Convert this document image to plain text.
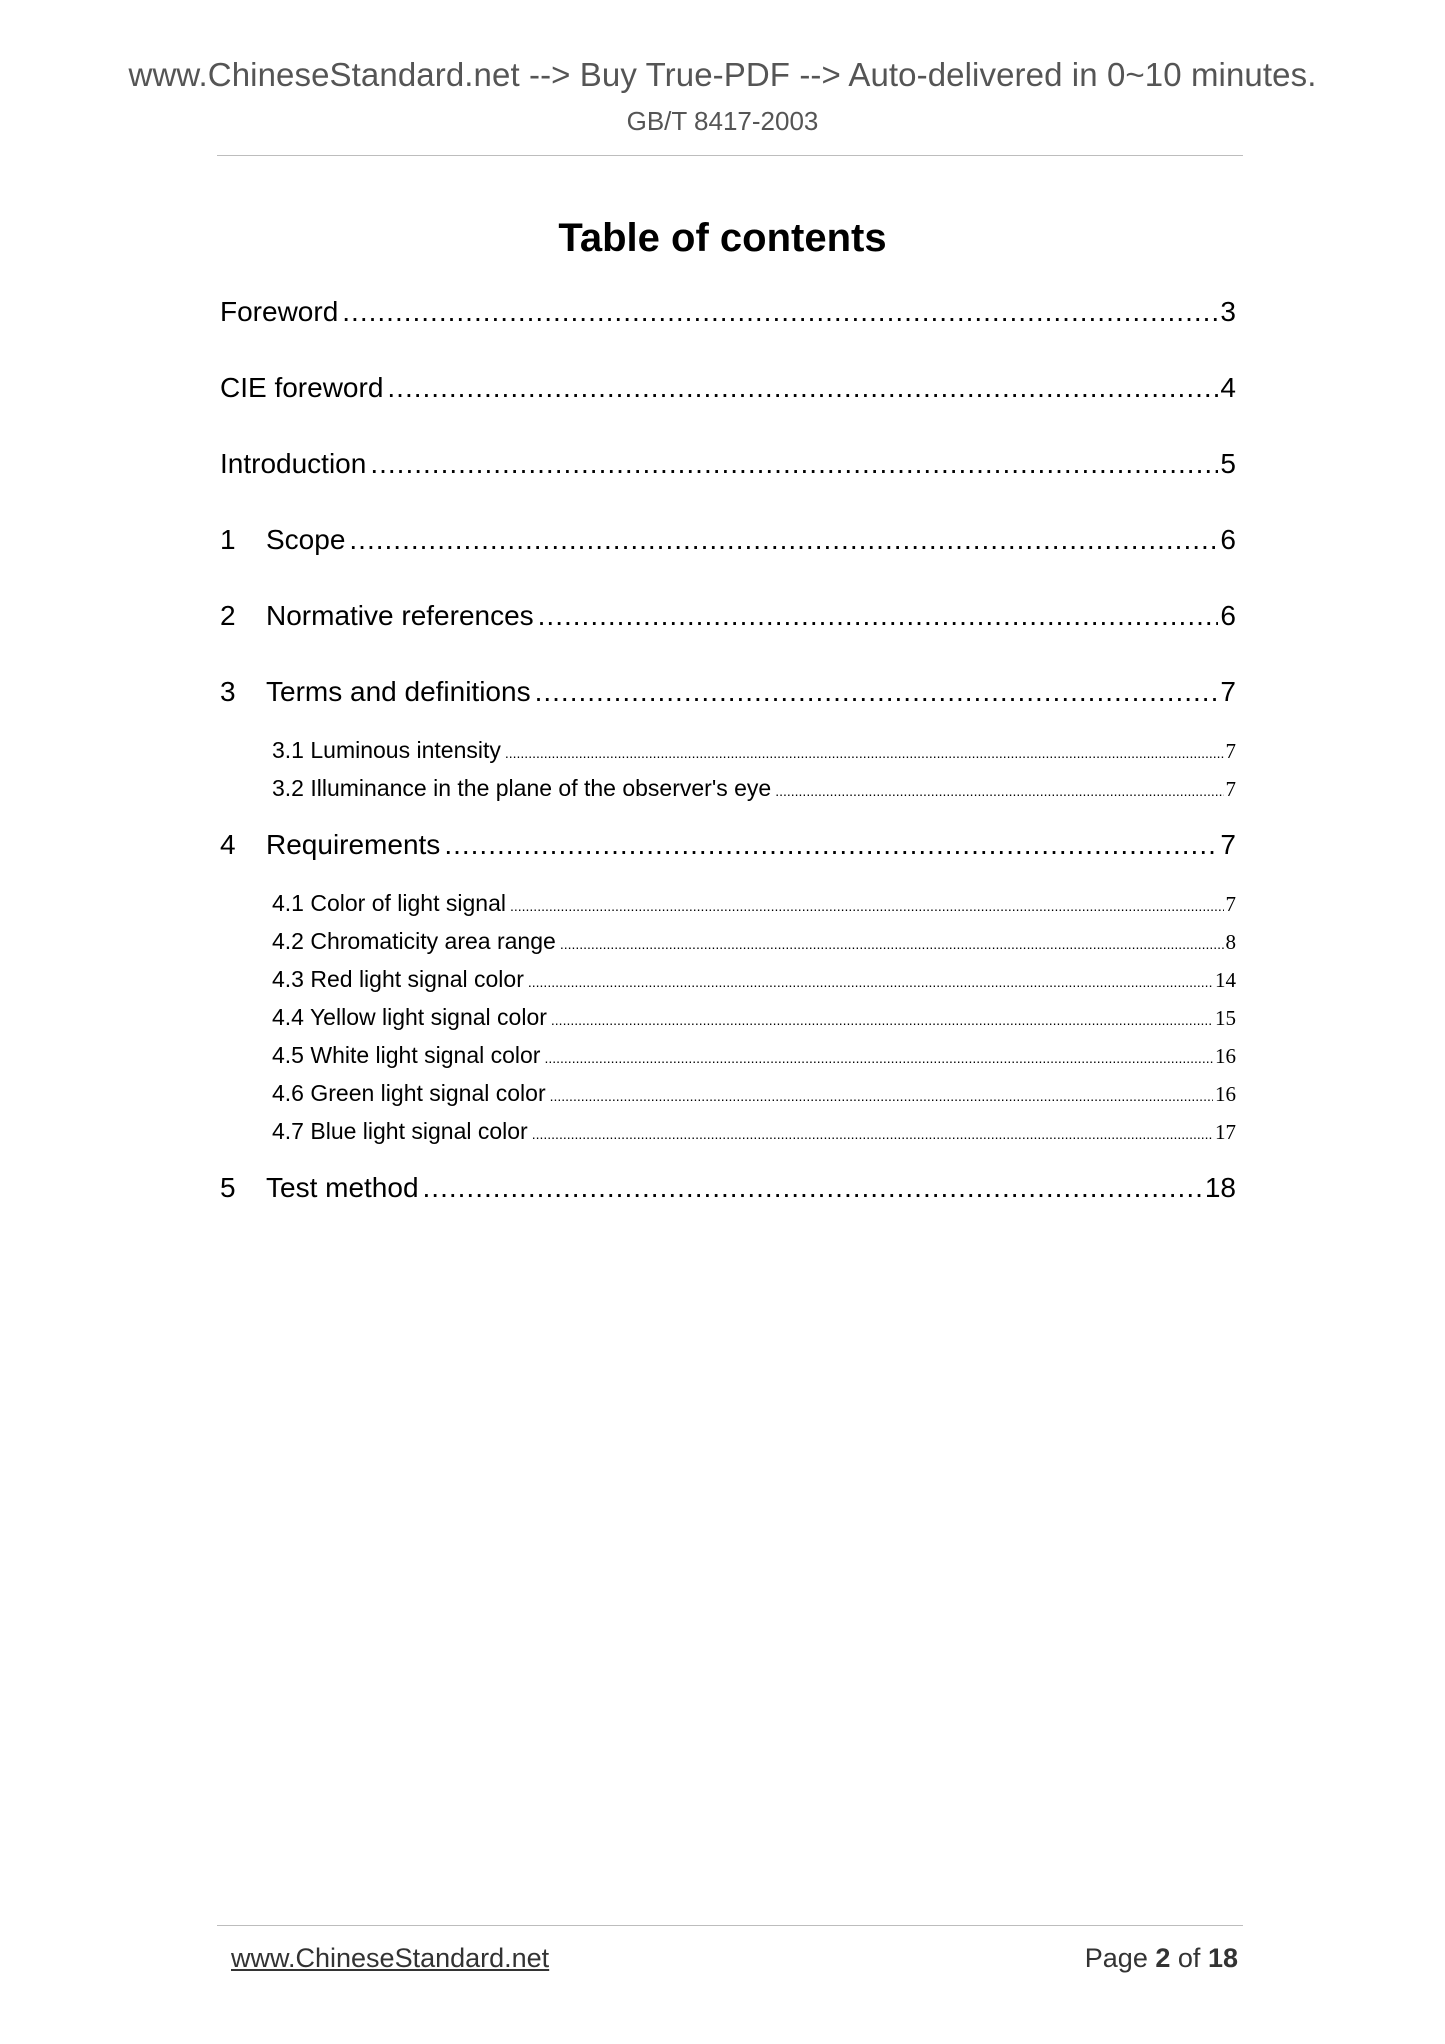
www.ChineseStandard.net --> Buy True-PDF --> Auto-delivered in 0~10 minutes.
GB/T 8417-2003
Table of contents
Foreword .....	3
CIE foreword .....	4
Introduction .....	5
1	Scope .....	6
2	Normative references .....	6
3	Terms and definitions .....	7
3.1 Luminous intensity .....	7
3.2 Illuminance in the plane of the observer's eye .....	7
4	Requirements .....	7
4.1 Color of light signal .....	7
4.2 Chromaticity area range .....	8
4.3 Red light signal color .....	14
4.4 Yellow light signal color .....	15
4.5 White light signal color .....	16
4.6 Green light signal color .....	16
4.7 Blue light signal color .....	17
5	Test method .....	18
www.ChineseStandard.net	Page 2 of 18
